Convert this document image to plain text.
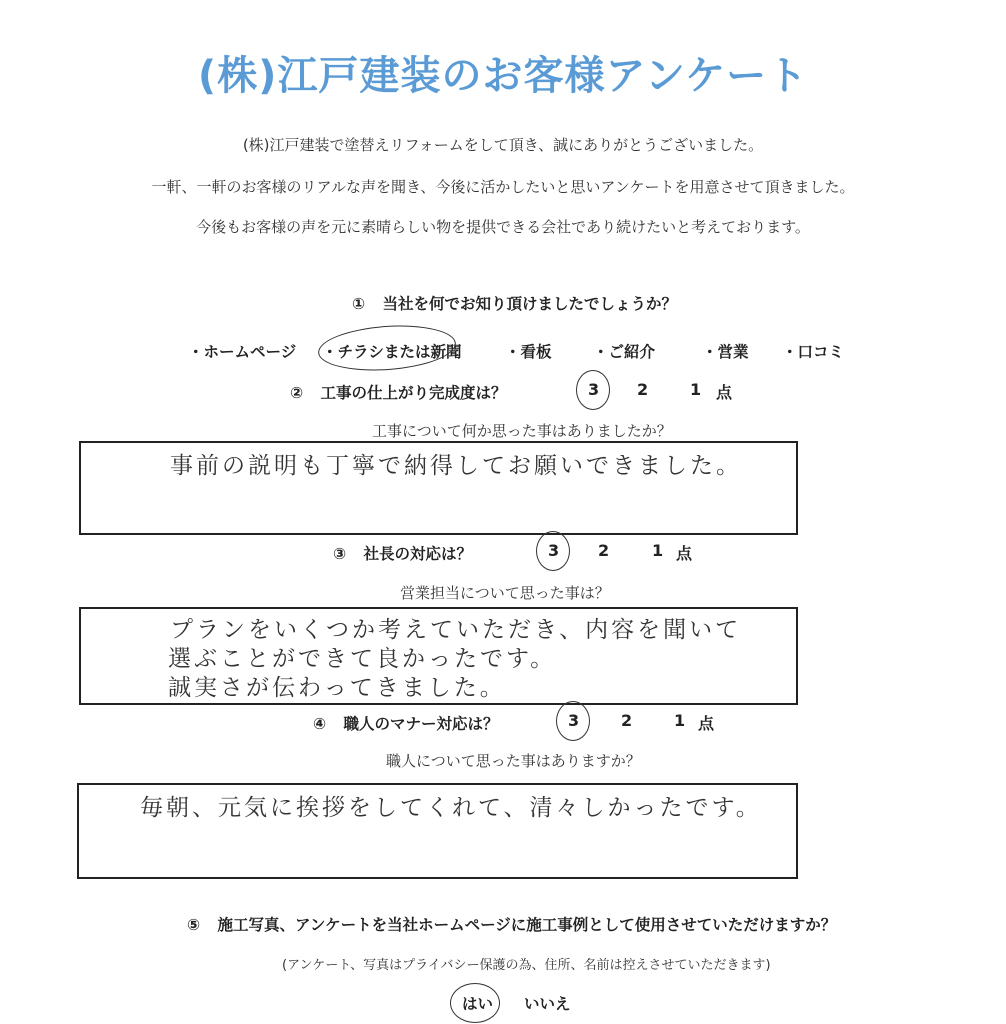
(株)江戸建装のお客様アンケート
(株)江戸建装で塗替えリフォームをして頂き、誠にありがとうございました。
一軒、一軒のお客様のリアルな声を聞き、今後に活かしたいと思いアンケートを用意させて頂きました。
今後もお客様の声を元に素晴らしい物を提供できる会社であり続けたいと考えております。
① 当社を何でお知り頂けましたでしょうか？
・ホームページ ・チラシまたは新聞	・看板	・ご紹介	・営業 ・口コミ
② 工事の仕上がり完成度は？	3 2	1 点
工事について何か思った事はありましたか？
事前の説明も丁寧で納得してお願いできました。
③ 社長の対応は？	3 2	1 点
営業担当について思った事は？
プランをいくつか考えていただき、内容を聞いて
選ぶことができて良かったです。
誠実さが伝わってきました。
④ 職人のマナー対応は？	3	2	1 点
職人について思った事はありますか？
毎朝、元気に挨拶をしてくれて、清々しかったです。
⑤ 施工写真、アンケートを当社ホームページに施工事例として使用させていただけますか？
(アンケート、写真はプライバシー保護の為、住所、名前は控えさせていただきます)
はい いいえ
